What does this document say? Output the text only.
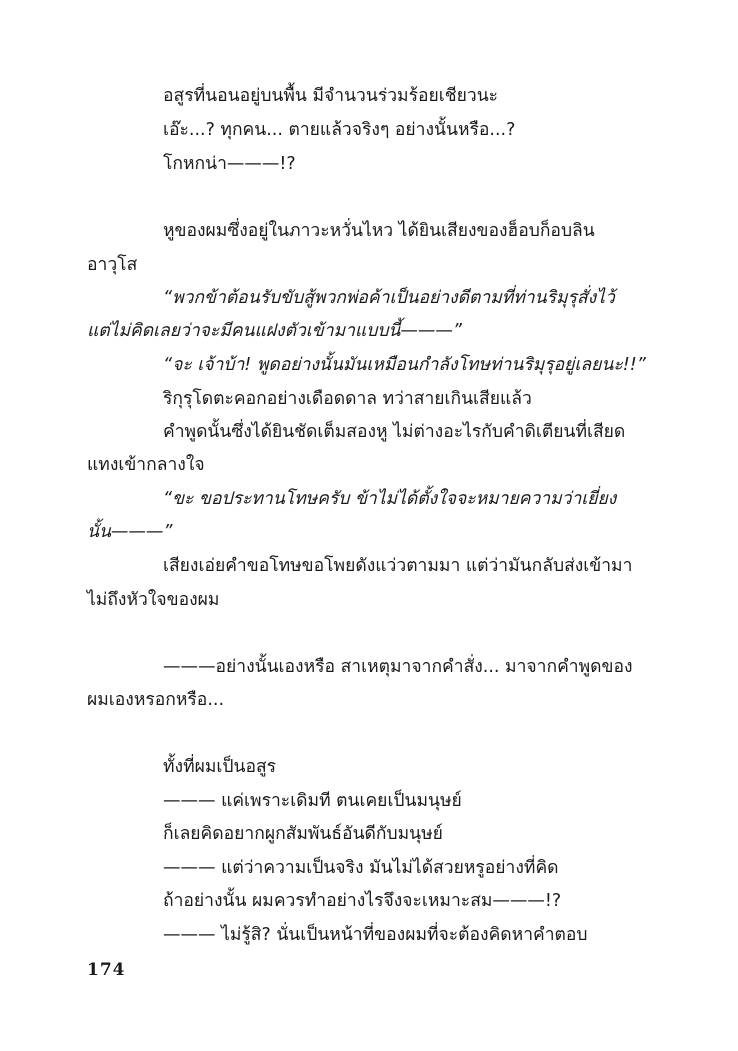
อสูรที่นอนอยู่บนพื้น มีจำนวนร่วมร้อยเชียวนะ
เอ๊ะ...? ทุกคน... ตายแล้วจริงๆ อย่างนั้นหรือ...?
โกหกน่า———!?
หูของผมซึ่งอยู่ในภาวะหวั่นไหว ได้ยินเสียงของฮ็อบก็อบลิน
อาวุโส
“พวกข้าต้อนรับขับสู้พวกพ่อค้าเป็นอย่างดีตามที่ท่านริมุรุสั่งไว้
แต่ไม่คิดเลยว่าจะมีคนแฝงตัวเข้ามาแบบนี้———”
“จะ เจ้าบ้า! พูดอย่างนั้นมันเหมือนกำลังโทษท่านริมุรุอยู่เลยนะ!!”
ริกุรุโดตะคอกอย่างเดือดดาล ทว่าสายเกินเสียแล้ว
คำพูดนั้นซึ่งได้ยินชัดเต็มสองหู ไม่ต่างอะไรกับคำดิเตียนที่เสียด
แทงเข้ากลางใจ
“ขะ ขอประทานโทษครับ ข้าไม่ได้ตั้งใจจะหมายความว่าเยี่ยง
นั้น———”
เสียงเอ่ยคำขอโทษขอโพยดังแว่วตามมา แต่ว่ามันกลับส่งเข้ามา
ไม่ถึงหัวใจของผม
———อย่างนั้นเองหรือ สาเหตุมาจากคำสั่ง... มาจากคำพูดของ
ผมเองหรอกหรือ...
ทั้งที่ผมเป็นอสูร
——— แค่เพราะเดิมที ตนเคยเป็นมนุษย์
ก็เลยคิดอยากผูกสัมพันธ์อันดีกับมนุษย์
——— แต่ว่าความเป็นจริง มันไม่ได้สวยหรูอย่างที่คิด
ถ้าอย่างนั้น ผมควรทำอย่างไรจึงจะเหมาะสม———!?
——— ไม่รู้สิ? นั่นเป็นหน้าที่ของผมที่จะต้องคิดหาคำตอบ
174
